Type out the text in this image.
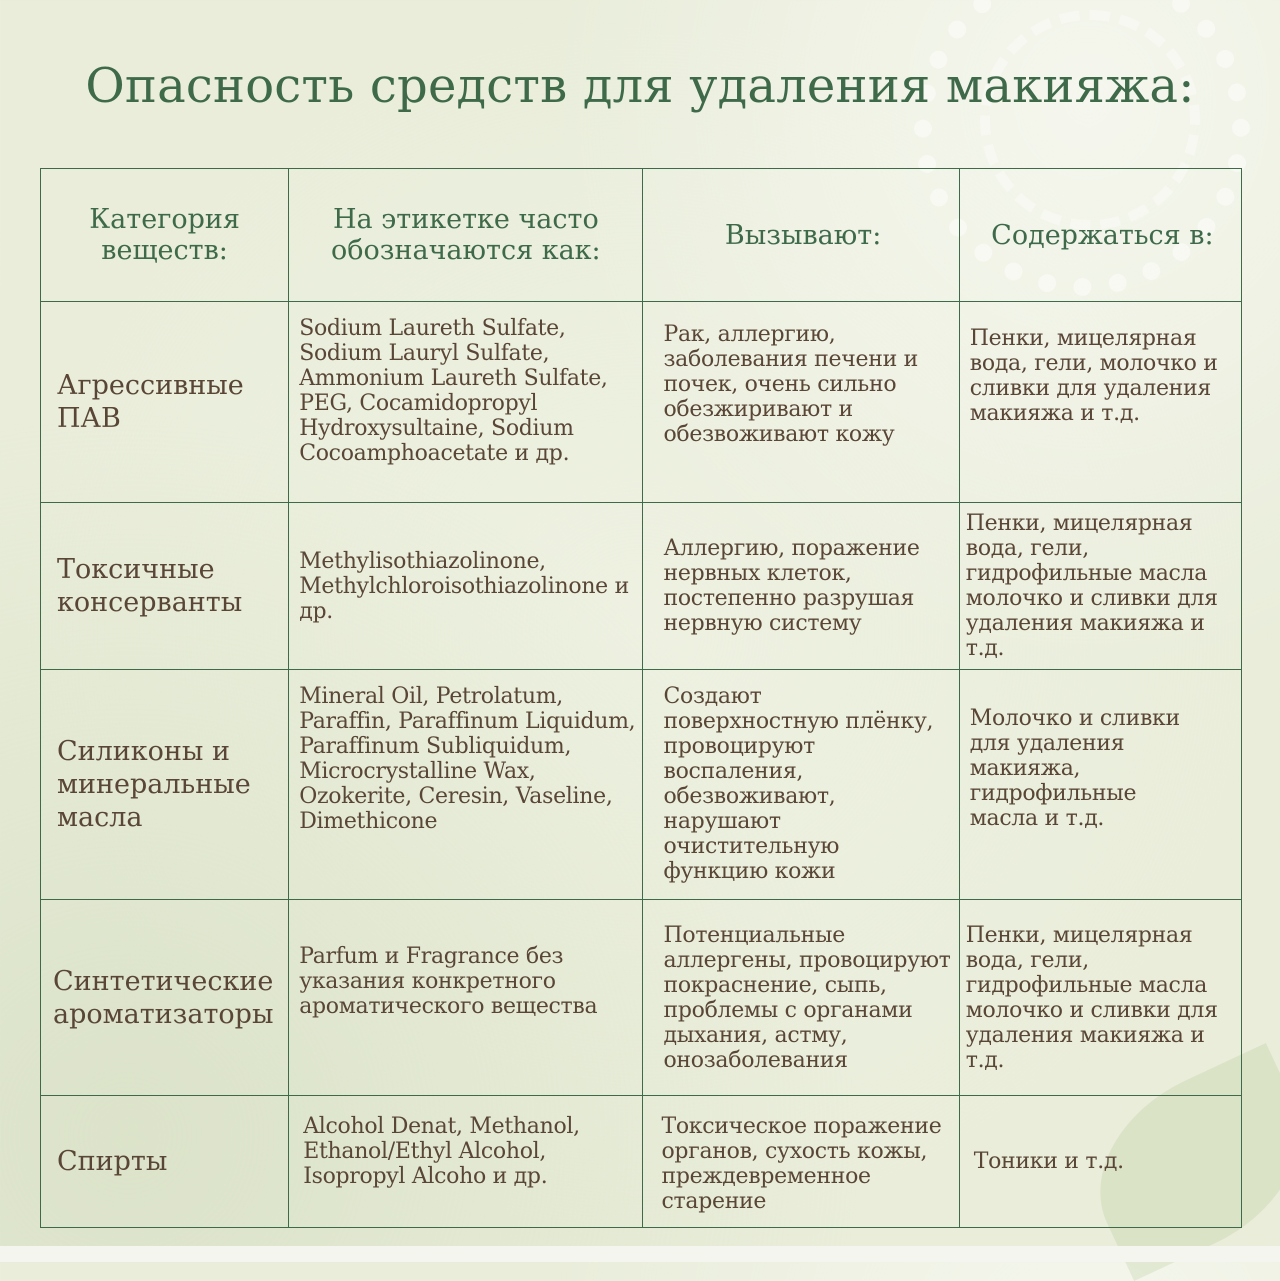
Опасность средств для удаления макияжа:
Категория веществ:	На этикетке часто обозначаются как:	Вызывают:	Содержаться в:
Агрессивные ПАВ	Sodium Laureth Sulfate, Sodium Lauryl Sulfate, Ammonium Laureth Sulfate, PEG, Cocamidopropyl Hydroxysultaine, Sodium Cocoamphoacetate и др.	Рак, аллергию, заболевания печени и почек, очень сильно обезжиривают и обезвоживают кожу	Пенки, мицелярная вода, гели, молочко и сливки для удаления макияжа и т.д.
Токсичные консерванты	Methylisothiazolinone, Methylchloroisothiazolinone и др.	Аллергию, поражение нервных клеток, постепенно разрушая нервную систему	Пенки, мицелярная вода, гели, гидрофильные масла молочко и сливки для удаления макияжа и т.д.
Силиконы и минеральные масла	Mineral Oil, Petrolatum, Paraffin, Paraffinum Liquidum, Paraffinum Subliquidum, Microcrystalline Wax, Ozokerite, Ceresin, Vaseline, Dimethicone	Создают поверхностную плёнку, провоцируют воспаления, обезвоживают, нарушают очистительную функцию кожи	Молочко и сливки для удаления макияжа, гидрофильные масла и т.д.
Синтетические ароматизаторы	Parfum и Fragrance без указания конкретного ароматического вещества	Потенциальные аллергены, провоцируют покраснение, сыпь, проблемы с органами дыхания, астму, онозаболевания	Пенки, мицелярная вода, гели, гидрофильные масла молочко и сливки для удаления макияжа и т.д.
Спирты	Alcohol Denat, Methanol, Ethanol/Ethyl Alcohol, Isopropyl Alcoho и др.	Токсическое поражение органов, сухость кожы, преждевременное старение	Тоники и т.д.
